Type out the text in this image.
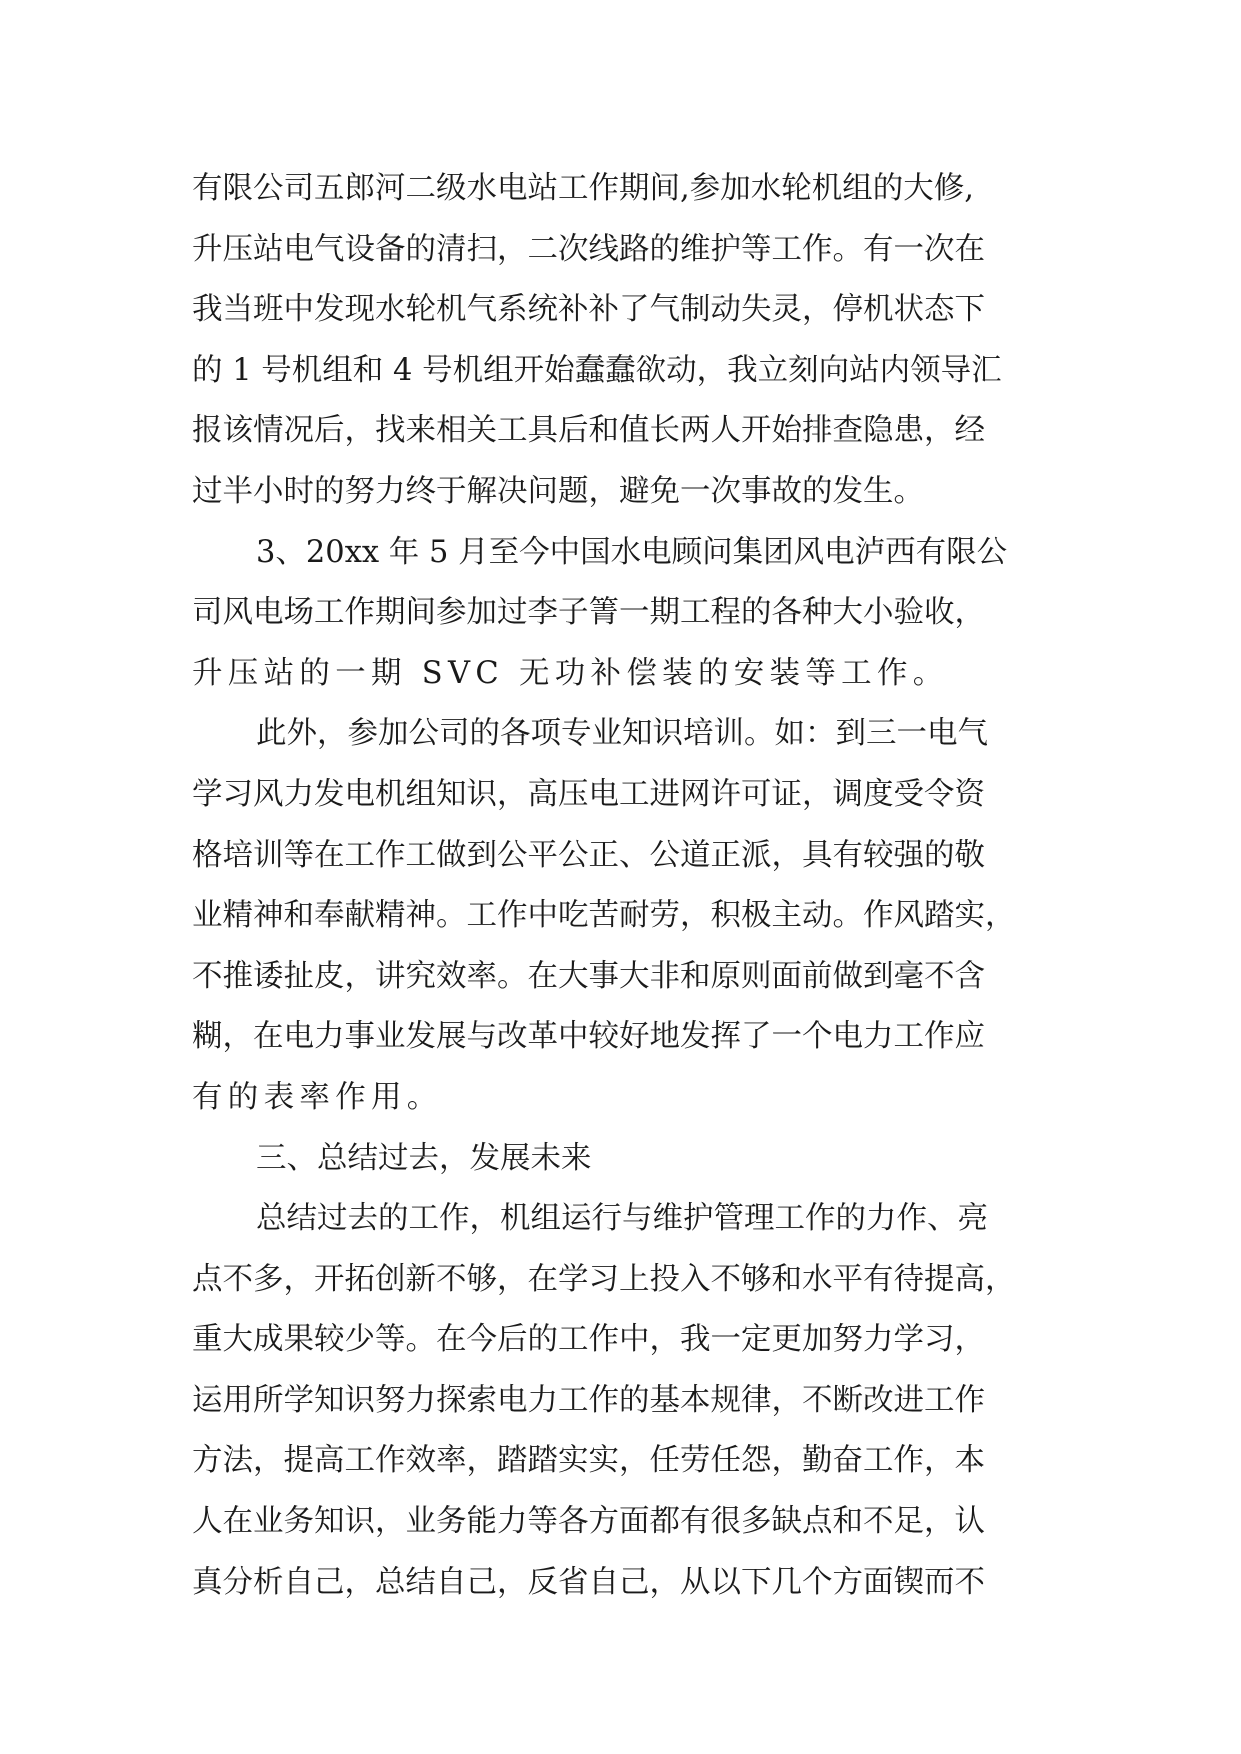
有限公司五郎河二级水电站工作期间,参加水轮机组的大修,
升压站电气设备的清扫，二次线路的维护等工作。有一次在
我当班中发现水轮机气系统补补了气制动失灵，停机状态下
的 1 号机组和 4 号机组开始蠢蠢欲动，我立刻向站内领导汇
报该情况后，找来相关工具后和值长两人开始排查隐患，经
过半小时的努力终于解决问题，避免一次事故的发生。
3、20xx 年 5 月至今中国水电顾问集团风电泸西有限公
司风电场工作期间参加过李子箐一期工程的各种大小验收，
升压站的一期 SVC 无功补偿装的安装等工作。
此外，参加公司的各项专业知识培训。如：到三一电气
学习风力发电机组知识，高压电工进网许可证，调度受令资
格培训等在工作工做到公平公正、公道正派，具有较强的敬
业精神和奉献精神。工作中吃苦耐劳，积极主动。作风踏实，
不推诿扯皮，讲究效率。在大事大非和原则面前做到毫不含
糊，在电力事业发展与改革中较好地发挥了一个电力工作应
有的表率作用。
三、总结过去，发展未来
总结过去的工作，机组运行与维护管理工作的力作、亮
点不多，开拓创新不够，在学习上投入不够和水平有待提高，
重大成果较少等。在今后的工作中，我一定更加努力学习，
运用所学知识努力探索电力工作的基本规律，不断改进工作
方法，提高工作效率，踏踏实实，任劳任怨，勤奋工作，本
人在业务知识，业务能力等各方面都有很多缺点和不足，认
真分析自己，总结自己，反省自己，从以下几个方面锲而不
